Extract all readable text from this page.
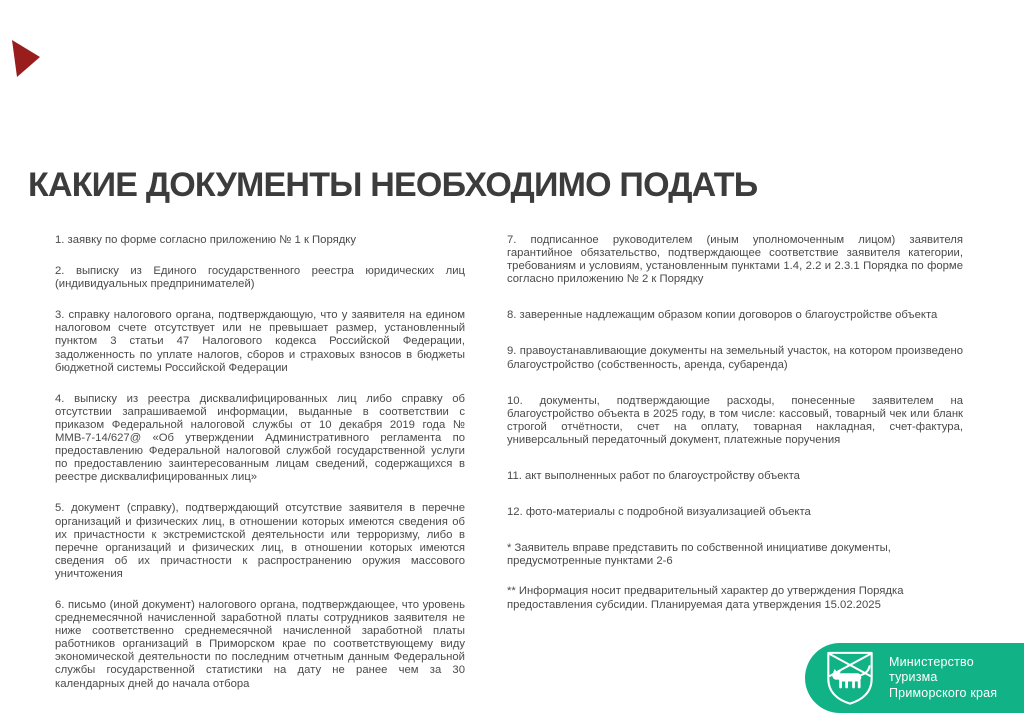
КАКИЕ ДОКУМЕНТЫ НЕОБХОДИМО ПОДАТЬ

1. заявку по форме согласно приложению № 1 к Порядку

2. выписку из Единого государственного реестра юридических лиц (индивидуальных предпринимателей)

3. справку налогового органа, подтверждающую, что у заявителя на едином налоговом счете отсутствует или не превышает размер, установленный пунктом 3 статьи 47 Налогового кодекса Российской Федерации, задолженность по уплате налогов, сборов и страховых взносов в бюджеты бюджетной системы Российской Федерации

4. выписку из реестра дисквалифицированных лиц либо справку об отсутствии запрашиваемой информации, выданные в соответствии с приказом Федеральной налоговой службы от 10 декабря 2019 года № ММВ-7-14/627@ «Об утверждении Административного регламента по предоставлению Федеральной налоговой службой государственной услуги по предоставлению заинтересованным лицам сведений, содержащихся в реестре дисквалифицированных лиц»

5. документ (справку), подтверждающий отсутствие заявителя в перечне организаций и физических лиц, в отношении которых имеются сведения об их причастности к экстремистской деятельности или терроризму, либо в перечне организаций и физических лиц, в отношении которых имеются сведения об их причастности к распространению оружия массового уничтожения

6. письмо (иной документ) налогового органа, подтверждающее, что уровень среднемесячной начисленной заработной платы сотрудников заявителя не ниже соответственно среднемесячной начисленной заработной платы работников организаций в Приморском крае по соответствующему виду экономической деятельности по последним отчетным данным Федеральной службы государственной статистики на дату не ранее чем за 30 календарных дней до начала отбора

7. подписанное руководителем (иным уполномоченным лицом) заявителя гарантийное обязательство, подтверждающее соответствие заявителя категории, требованиям и условиям, установленным пунктами 1.4, 2.2 и 2.3.1 Порядка по форме согласно приложению № 2 к Порядку

8. заверенные надлежащим образом копии договоров о благоустройстве объекта

9. правоустанавливающие документы на земельный участок, на котором произведено благоустройство (собственность, аренда, субаренда)

10. документы, подтверждающие расходы, понесенные заявителем на благоустройство объекта в 2025 году, в том числе: кассовый, товарный чек или бланк строгой отчётности, счет на оплату, товарная накладная, счет-фактура, универсальный передаточный документ, платежные поручения

11. акт выполненных работ по благоустройству объекта

12. фото-материалы с подробной визуализацией объекта

* Заявитель вправе представить по собственной инициативе документы, предусмотренные пунктами 2-6

** Информация носит предварительный характер до утверждения Порядка предоставления субсидии. Планируемая дата утверждения 15.02.2025

Министерство
туризма
Приморского края
